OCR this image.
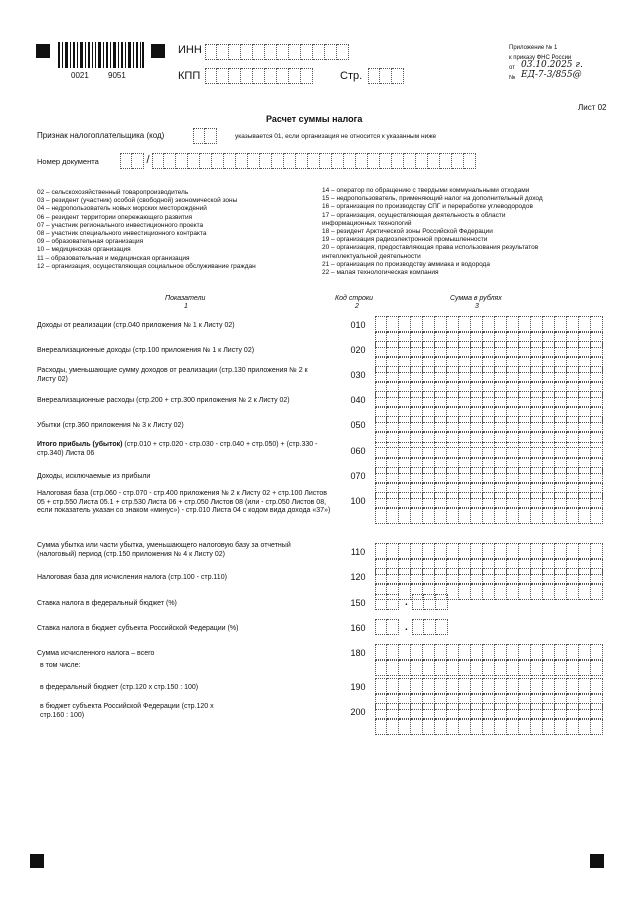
0021 9051
ИНН
КПП	Стр.
Приложение № 1
к приказу ФНС России
от 03.10.2025 г.
№ ЕД-7-3/855@
Лист 02
Расчет суммы налога
Признак налогоплательщика (код)	указывается 01, если организация не относится к указанным ниже
Номер документа	/
02 – сельскохозяйственный товаропроизводитель
03 – резидент (участник) особой (свободной) экономической зоны
04 – недропользователь новых морских месторождений
06 – резидент территории опережающего развития
07 – участник регионального инвестиционного проекта
08 – участник специального инвестиционного контракта
09 – образовательная организация
10 – медицинская организация
11 – образовательная и медицинская организация
12 – организация, осуществляющая социальное обслуживание граждан
14 – оператор по обращению с твердыми коммунальными отходами
15 – недропользователь, применяющий налог на дополнительный доход
16 – организация по производству СПГ и переработке углеводородов
17 – организация, осуществляющая деятельность в области
информационных технологий
18 – резидент Арктической зоны Российской Федерации
19 – организация радиоэлектронной промышленности
20 – организация, предоставляющая права использования результатов
интеллектуальной деятельности
21 – организация по производству аммиака и водорода
22 – малая технологическая компания
Показатели
1
Код строки
2
Сумма в рублях
3
Доходы от реализации (стр.040 приложения № 1 к Листу 02)	010
Внереализационные доходы (стр.100 приложения № 1 к Листу 02)	020
Расходы, уменьшающие сумму доходов от реализации (стр.130 приложения № 2 к Листу 02)	030
Внереализационные расходы (стр.200 + стр.300 приложения № 2 к Листу 02)	040
Убытки (стр.360 приложения № 3 к Листу 02)	050
Итого прибыль (убыток) (стр.010 + стр.020 - стр.030 - стр.040 + стр.050) + (стр.330 - стр.340) Листа 06	060
Доходы, исключаемые из прибыли	070
Налоговая база (стр.060 - стр.070 - стр.400 приложения № 2 к Листу 02 + стр.100 Листов 05 + стр.550 Листа 05.1 + стр.530 Листа 06 + стр.050 Листов 08 (или - стр.050 Листов 08, если показатель указан со знаком «минус») - стр.010 Листа 04 с кодом вида дохода «37»)
100
Сумма убытка или части убытка, уменьшающего налоговую базу за отчетный (налоговый) период (стр.150 приложения № 4 к Листу 02)	110
Налоговая база для исчисления налога (стр.100 - стр.110)	120
Ставка налога в федеральный бюджет (%)	150	.
Ставка налога в бюджет субъекта Российской Федерации (%)	160	.
Сумма исчисленного налога – всего	180
в том числе:
в федеральный бюджет (стр.120 х стр.150 : 100)	190
в бюджет субъекта Российской Федерации (стр.120 х стр.160 : 100)	200
